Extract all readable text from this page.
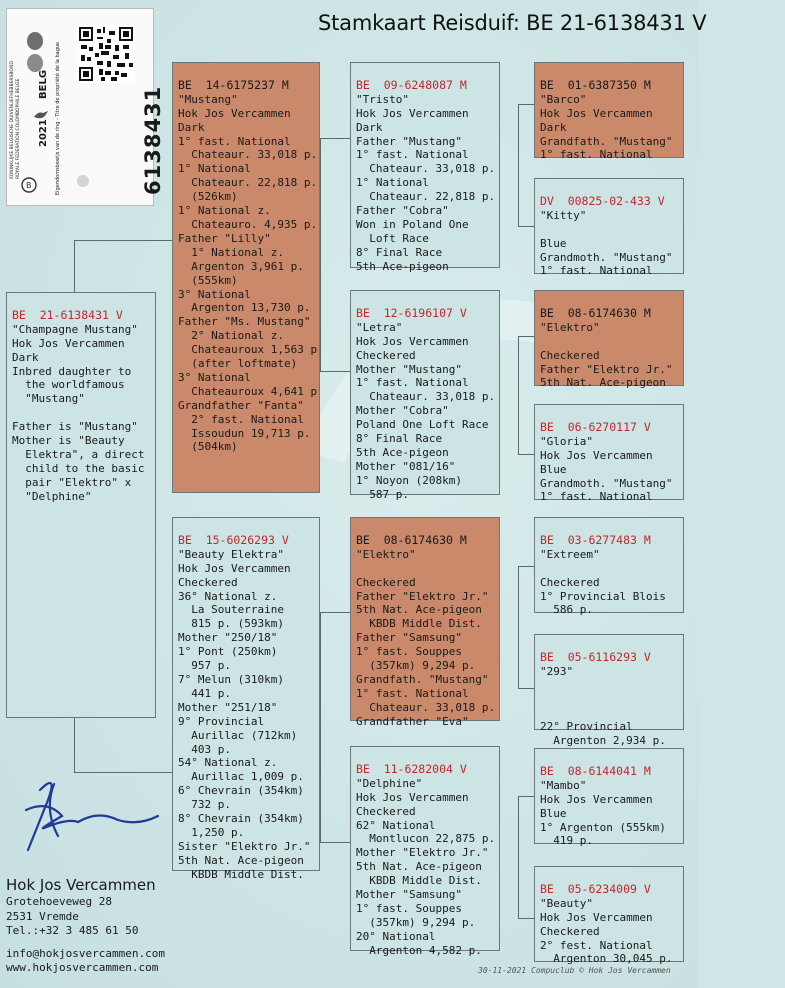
Stamkaart Reisduif: BE 21-6138431 V
KONINKLIJKE BELGISCHE DUIVENLIEFHEBBERSBOND ROYALE FEDERATION COLOMBOPHILE BELGE	Eigendomsbewijs van de ring - Titre de propriété de la bague
2021
BELG
B	6138431

BE  21-6138431 V
"Champagne Mustang"
Hok Jos Vercammen
Dark
Inbred daughter to
the worldfamous
"Mustang"
Father is "Mustang"
Mother is "Beauty
Elektra", a direct
child to the basic
pair "Elektro" x
"Delphine"

BE  14-6175237 M
"Mustang"
Hok Jos Vercammen
Dark
1° fast. National
Chateaur. 33,018 p.
1° National
Chateaur. 22,818 p.
(526km)
1° National z.
Chateauro. 4,935 p.
Father "Lilly"
1° National z.
Argenton 3,961 p.
(555km)
3° National
Argenton 13,730 p.
Father "Ms. Mustang"
2° National z.
Chateauroux 1,563 p
(after loftmate)
3° National
Chateauroux 4,641 p
Grandfather "Fanta"
2° fast. National
Issoudun 19,713 p.
(504km)

BE  15-6026293 V
"Beauty Elektra"
Hok Jos Vercammen
Checkered
36° National z.
La Souterraine
815 p. (593km)
Mother "250/18"
1° Pont (250km)
957 p.
7° Melun (310km)
441 p.
Mother "251/18"
9° Provincial
Aurillac (712km)
403 p.
54° National z.
Aurillac 1,009 p.
6° Chevrain (354km)
732 p.
8° Chevrain (354km)
1,250 p.
Sister "Elektro Jr."
5th Nat. Ace-pigeon
KBDB Middle Dist.

BE  09-6248087 M
"Tristo"
Hok Jos Vercammen
Dark
Father "Mustang"
1° fast. National
Chateaur. 33,018 p.
1° National
Chateaur. 22,818 p.
Father "Cobra"
Won in Poland One
Loft Race
8° Final Race
5th Ace-pigeon

BE  12-6196107 V
"Letra"
Hok Jos Vercammen
Checkered
Mother "Mustang"
1° fast. National
Chateaur. 33,018 p.
Mother "Cobra"
Poland One Loft Race
8° Final Race
5th Ace-pigeon
Mother "081/16"
1° Noyon (208km)
587 p.

BE  08-6174630 M
"Elektro"
Checkered
Father "Elektro Jr."
5th Nat. Ace-pigeon
KBDB Middle Dist.
Father "Samsung"
1° fast. Souppes
(357km) 9,294 p.
Grandfath. "Mustang"
1° fast. National
Chateaur. 33,018 p.
Grandfather "Eva"

BE  11-6282004 V
"Delphine"
Hok Jos Vercammen
Checkered
62° National
Montlucon 22,875 p.
Mother "Elektro Jr."
5th Nat. Ace-pigeon
KBDB Middle Dist.
Mother "Samsung"
1° fast. Souppes
(357km) 9,294 p.
20° National
Argenton 4,582 p.

BE  01-6387350 M
"Barco"
Hok Jos Vercammen
Dark
Grandfath. "Mustang"
1° fast. National

DV  00825-02-433 V
"Kitty"
Blue
Grandmoth. "Mustang"
1° fast. National

BE  08-6174630 M
"Elektro"
Checkered
Father "Elektro Jr."
5th Nat. Ace-pigeon

BE  06-6270117 V
"Gloria"
Hok Jos Vercammen
Blue
Grandmoth. "Mustang"
1° fast. National

BE  03-6277483 M
"Extreem"
Checkered
1° Provincial Blois
586 p.

BE  05-6116293 V
"293"
22° Provincial
Argenton 2,934 p.

BE  08-6144041 M
"Mambo"
Hok Jos Vercammen
Blue
1° Argenton (555km)
419 p.

BE  05-6234009 V
"Beauty"
Hok Jos Vercammen
Checkered
2° fest. National
Argenton 30,045 p.

Hok Jos Vercammen
Grotehoeveweg 28
2531 Vremde
Tel.:+32 3 485 61 50
info@hokjosvercammen.com
www.hokjosvercammen.com	30-11-2021 Compuclub © Hok Jos Vercammen
